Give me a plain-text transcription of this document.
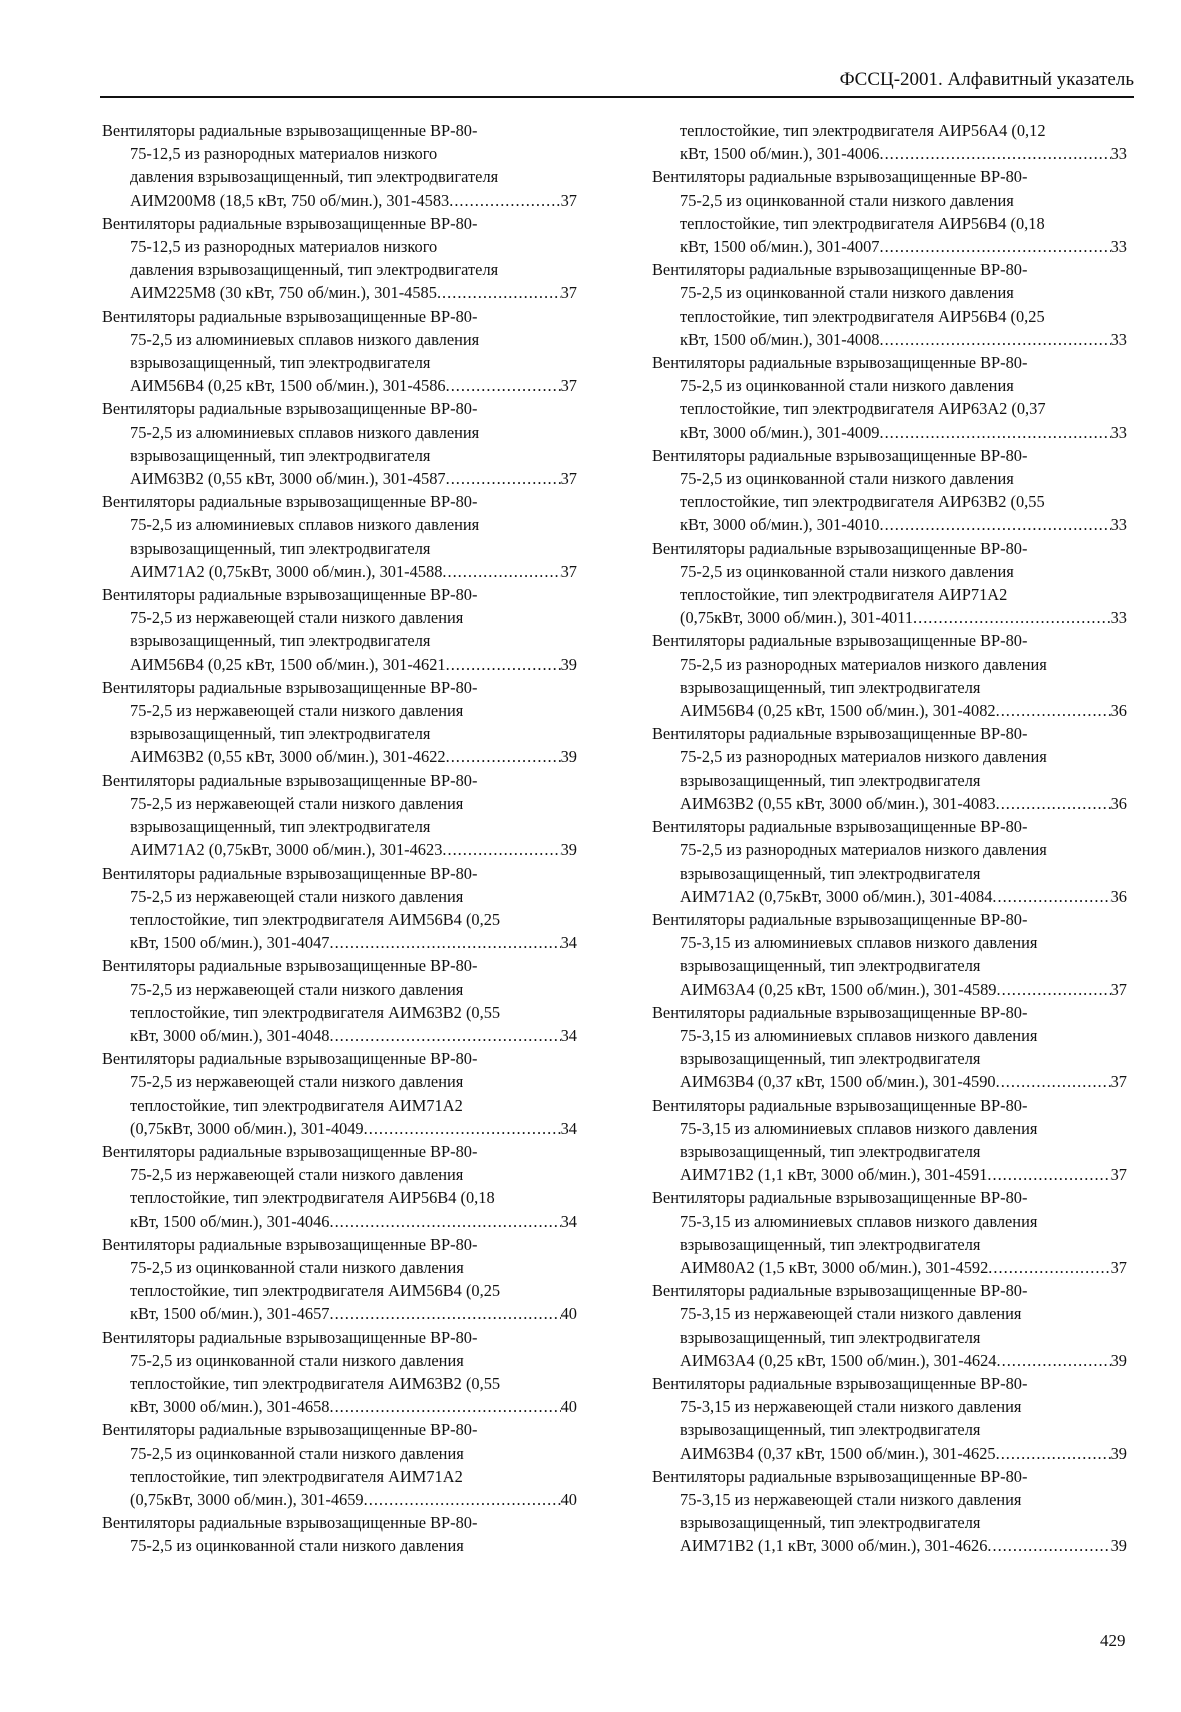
ФССЦ-2001. Алфавитный указатель
Вентиляторы радиальные взрывозащищенные ВР-80-
75-12,5 из разнородных материалов низкого
давления взрывозащищенный, тип электродвигателя
АИМ200М8 (18,5 кВт, 750 об/мин.), 301-4583 .....	37
Вентиляторы радиальные взрывозащищенные ВР-80-
75-12,5 из разнородных материалов низкого
давления взрывозащищенный, тип электродвигателя
АИМ225М8 (30 кВт, 750 об/мин.), 301-4585 .....	37
Вентиляторы радиальные взрывозащищенные ВР-80-
75-2,5 из алюминиевых сплавов низкого давления
взрывозащищенный, тип электродвигателя
АИМ56В4 (0,25 кВт, 1500 об/мин.), 301-4586 .....	37
Вентиляторы радиальные взрывозащищенные ВР-80-
75-2,5 из алюминиевых сплавов низкого давления
взрывозащищенный, тип электродвигателя
АИМ63В2 (0,55 кВт, 3000 об/мин.), 301-4587 .....	37
Вентиляторы радиальные взрывозащищенные ВР-80-
75-2,5 из алюминиевых сплавов низкого давления
взрывозащищенный, тип электродвигателя
АИМ71А2 (0,75кВт, 3000 об/мин.), 301-4588 .....	37
Вентиляторы радиальные взрывозащищенные ВР-80-
75-2,5 из нержавеющей стали низкого давления
взрывозащищенный, тип электродвигателя
АИМ56В4 (0,25 кВт, 1500 об/мин.), 301-4621 .....	39
Вентиляторы радиальные взрывозащищенные ВР-80-
75-2,5 из нержавеющей стали низкого давления
взрывозащищенный, тип электродвигателя
АИМ63В2 (0,55 кВт, 3000 об/мин.), 301-4622 .....	39
Вентиляторы радиальные взрывозащищенные ВР-80-
75-2,5 из нержавеющей стали низкого давления
взрывозащищенный, тип электродвигателя
АИМ71А2 (0,75кВт, 3000 об/мин.), 301-4623 .....	39
Вентиляторы радиальные взрывозащищенные ВР-80-
75-2,5 из нержавеющей стали низкого давления
теплостойкие, тип электродвигателя АИМ56В4 (0,25
кВт, 1500 об/мин.), 301-4047 .....	34
Вентиляторы радиальные взрывозащищенные ВР-80-
75-2,5 из нержавеющей стали низкого давления
теплостойкие, тип электродвигателя АИМ63В2 (0,55
кВт, 3000 об/мин.), 301-4048 .....	34
Вентиляторы радиальные взрывозащищенные ВР-80-
75-2,5 из нержавеющей стали низкого давления
теплостойкие, тип электродвигателя АИМ71А2
(0,75кВт, 3000 об/мин.), 301-4049 .....	34
Вентиляторы радиальные взрывозащищенные ВР-80-
75-2,5 из нержавеющей стали низкого давления
теплостойкие, тип электродвигателя АИР56В4 (0,18
кВт, 1500 об/мин.), 301-4046 .....	34
Вентиляторы радиальные взрывозащищенные ВР-80-
75-2,5 из оцинкованной стали низкого давления
теплостойкие, тип электродвигателя АИМ56В4 (0,25
кВт, 1500 об/мин.), 301-4657 .....	40
Вентиляторы радиальные взрывозащищенные ВР-80-
75-2,5 из оцинкованной стали низкого давления
теплостойкие, тип электродвигателя АИМ63В2 (0,55
кВт, 3000 об/мин.), 301-4658 .....	40
Вентиляторы радиальные взрывозащищенные ВР-80-
75-2,5 из оцинкованной стали низкого давления
теплостойкие, тип электродвигателя АИМ71А2
(0,75кВт, 3000 об/мин.), 301-4659 .....	40
Вентиляторы радиальные взрывозащищенные ВР-80-
75-2,5 из оцинкованной стали низкого давления
теплостойкие, тип электродвигателя АИР56А4 (0,12
кВт, 1500 об/мин.), 301-4006 .....	33
Вентиляторы радиальные взрывозащищенные ВР-80-
75-2,5 из оцинкованной стали низкого давления
теплостойкие, тип электродвигателя АИР56В4 (0,18
кВт, 1500 об/мин.), 301-4007 .....	33
Вентиляторы радиальные взрывозащищенные ВР-80-
75-2,5 из оцинкованной стали низкого давления
теплостойкие, тип электродвигателя АИР56В4 (0,25
кВт, 1500 об/мин.), 301-4008 .....	33
Вентиляторы радиальные взрывозащищенные ВР-80-
75-2,5 из оцинкованной стали низкого давления
теплостойкие, тип электродвигателя АИР63А2 (0,37
кВт, 3000 об/мин.), 301-4009 .....	33
Вентиляторы радиальные взрывозащищенные ВР-80-
75-2,5 из оцинкованной стали низкого давления
теплостойкие, тип электродвигателя АИР63В2 (0,55
кВт, 3000 об/мин.), 301-4010 .....	33
Вентиляторы радиальные взрывозащищенные ВР-80-
75-2,5 из оцинкованной стали низкого давления
теплостойкие, тип электродвигателя АИР71А2
(0,75кВт, 3000 об/мин.), 301-4011 .....	33
Вентиляторы радиальные взрывозащищенные ВР-80-
75-2,5 из разнородных материалов низкого давления
взрывозащищенный, тип электродвигателя
АИМ56В4 (0,25 кВт, 1500 об/мин.), 301-4082 .....	36
Вентиляторы радиальные взрывозащищенные ВР-80-
75-2,5 из разнородных материалов низкого давления
взрывозащищенный, тип электродвигателя
АИМ63В2 (0,55 кВт, 3000 об/мин.), 301-4083 .....	36
Вентиляторы радиальные взрывозащищенные ВР-80-
75-2,5 из разнородных материалов низкого давления
взрывозащищенный, тип электродвигателя
АИМ71А2 (0,75кВт, 3000 об/мин.), 301-4084 .....	36
Вентиляторы радиальные взрывозащищенные ВР-80-
75-3,15 из алюминиевых сплавов низкого давления
взрывозащищенный, тип электродвигателя
АИМ63А4 (0,25 кВт, 1500 об/мин.), 301-4589 .....	37
Вентиляторы радиальные взрывозащищенные ВР-80-
75-3,15 из алюминиевых сплавов низкого давления
взрывозащищенный, тип электродвигателя
АИМ63В4 (0,37 кВт, 1500 об/мин.), 301-4590 .....	37
Вентиляторы радиальные взрывозащищенные ВР-80-
75-3,15 из алюминиевых сплавов низкого давления
взрывозащищенный, тип электродвигателя
АИМ71В2 (1,1 кВт, 3000 об/мин.), 301-4591 .....	37
Вентиляторы радиальные взрывозащищенные ВР-80-
75-3,15 из алюминиевых сплавов низкого давления
взрывозащищенный, тип электродвигателя
АИМ80А2 (1,5 кВт, 3000 об/мин.), 301-4592 .....	37
Вентиляторы радиальные взрывозащищенные ВР-80-
75-3,15 из нержавеющей стали низкого давления
взрывозащищенный, тип электродвигателя
АИМ63А4 (0,25 кВт, 1500 об/мин.), 301-4624 .....	39
Вентиляторы радиальные взрывозащищенные ВР-80-
75-3,15 из нержавеющей стали низкого давления
взрывозащищенный, тип электродвигателя
АИМ63В4 (0,37 кВт, 1500 об/мин.), 301-4625 .....	39
Вентиляторы радиальные взрывозащищенные ВР-80-
75-3,15 из нержавеющей стали низкого давления
взрывозащищенный, тип электродвигателя
АИМ71В2 (1,1 кВт, 3000 об/мин.), 301-4626 .....	39
429
